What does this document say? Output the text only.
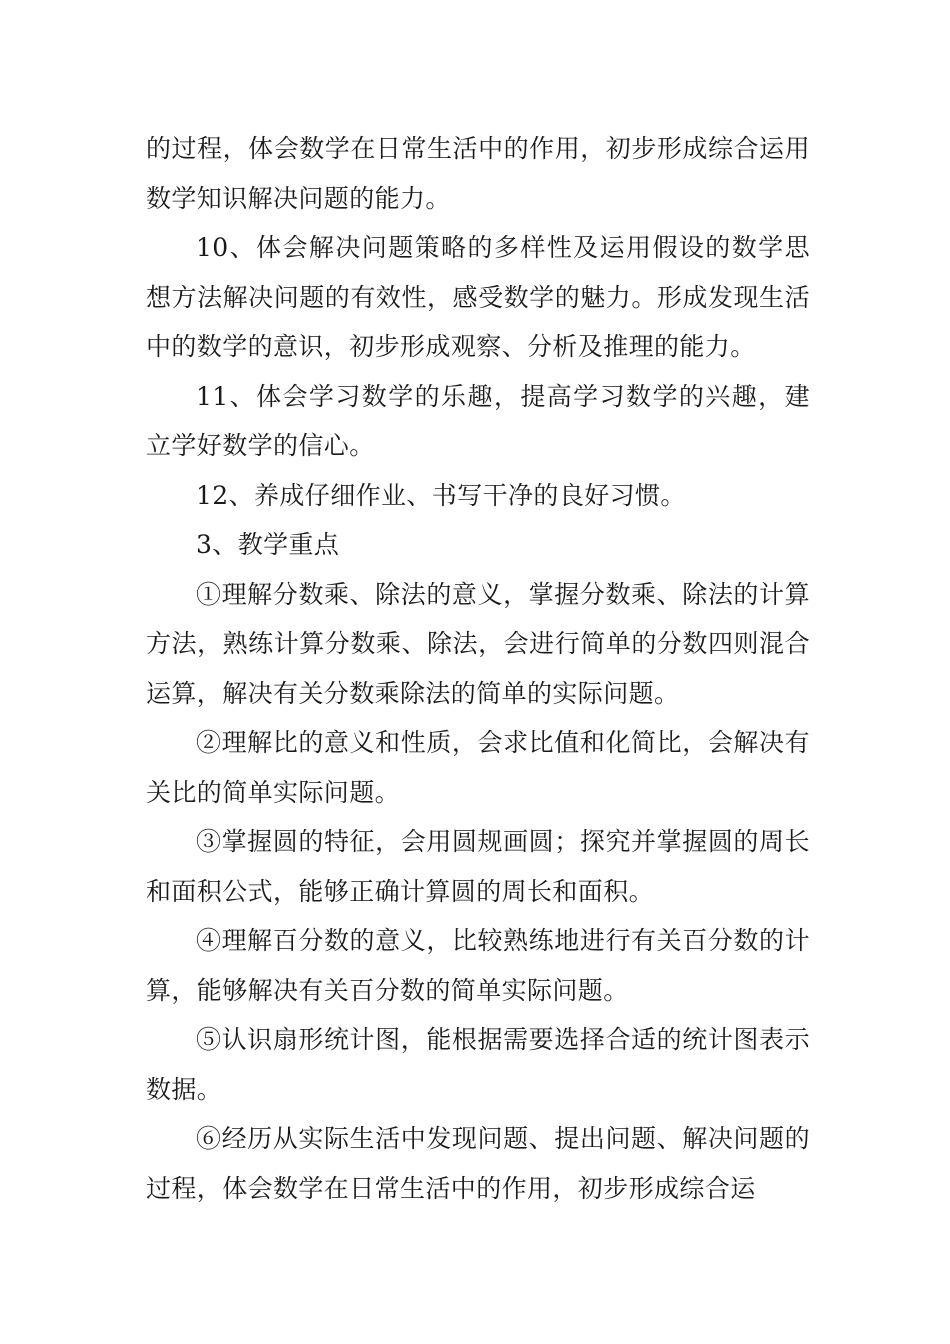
的过程，体会数学在日常生活中的作用，初步形成综合运用数学知识解决问题的能力。

10、体会解决问题策略的多样性及运用假设的数学思想方法解决问题的有效性，感受数学的魅力。形成发现生活中的数学的意识，初步形成观察、分析及推理的能力。

11、体会学习数学的乐趣，提高学习数学的兴趣，建立学好数学的信心。

12、养成仔细作业、书写干净的良好习惯。

3、教学重点

①理解分数乘、除法的意义，掌握分数乘、除法的计算方法，熟练计算分数乘、除法，会进行简单的分数四则混合运算，解决有关分数乘除法的简单的实际问题。

②理解比的意义和性质，会求比值和化简比，会解决有关比的简单实际问题。

③掌握圆的特征，会用圆规画圆；探究并掌握圆的周长和面积公式，能够正确计算圆的周长和面积。

④理解百分数的意义，比较熟练地进行有关百分数的计算，能够解决有关百分数的简单实际问题。

⑤认识扇形统计图，能根据需要选择合适的统计图表示数据。

⑥经历从实际生活中发现问题、提出问题、解决问题的过程，体会数学在日常生活中的作用，初步形成综合运
